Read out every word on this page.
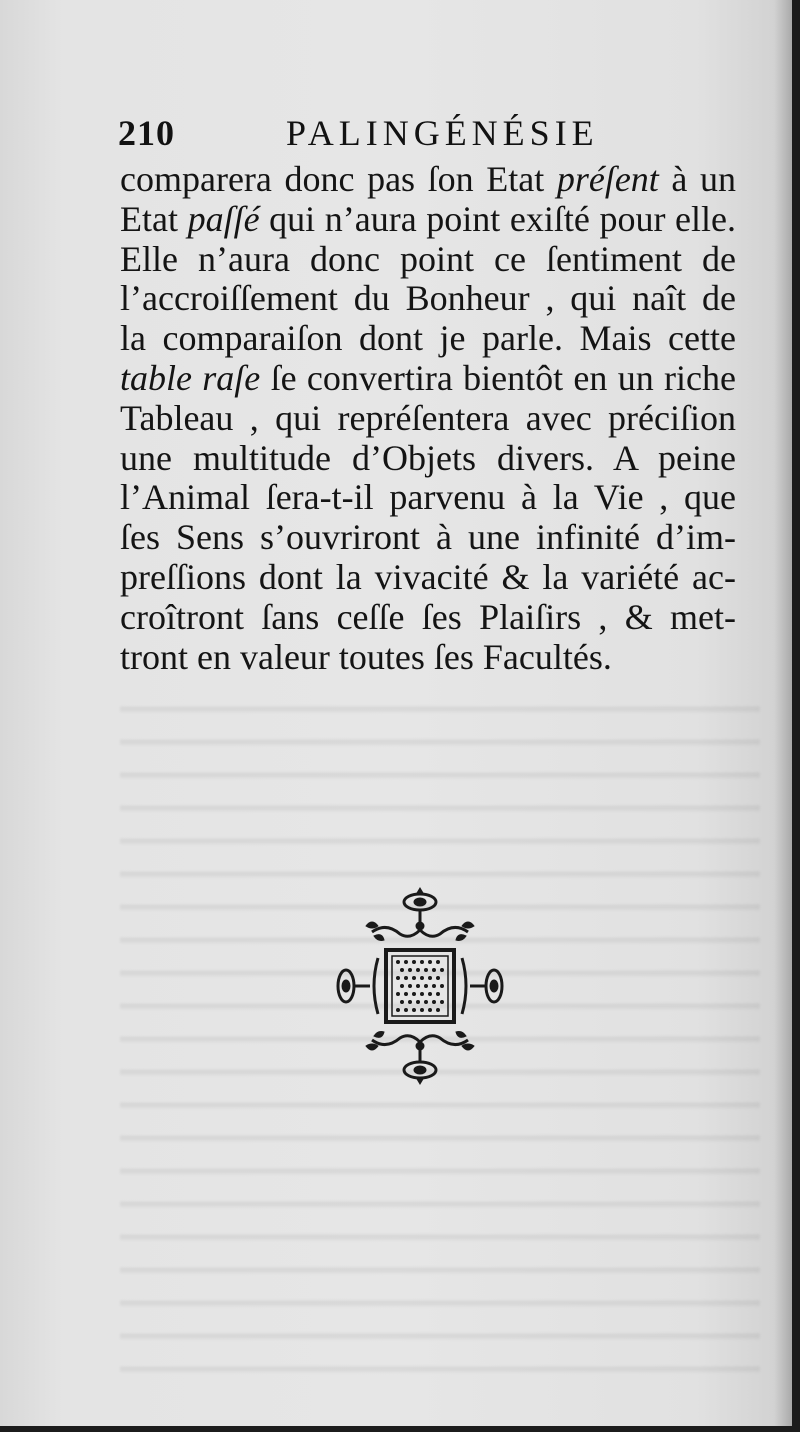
210	PALINGÉNÉSIE
comparera donc pas ſon Etat préſent à un
Etat paſſé qui n’aura point exiſté pour elle.
Elle n’aura donc point ce ſentiment de
l’accroiſſement du Bonheur , qui naît de
la comparaiſon dont je parle. Mais cette
table raſe ſe convertira bientôt en un riche
Tableau , qui repréſentera avec préciſion
une multitude d’Objets divers. A peine
l’Animal ſera-t-il parvenu à la Vie , que
ſes Sens s’ouvriront à une infinité d’im-
preſſions dont la vivacité & la variété ac-
croîtront ſans ceſſe ſes Plaiſirs , & met-
tront en valeur toutes ſes Facultés.
